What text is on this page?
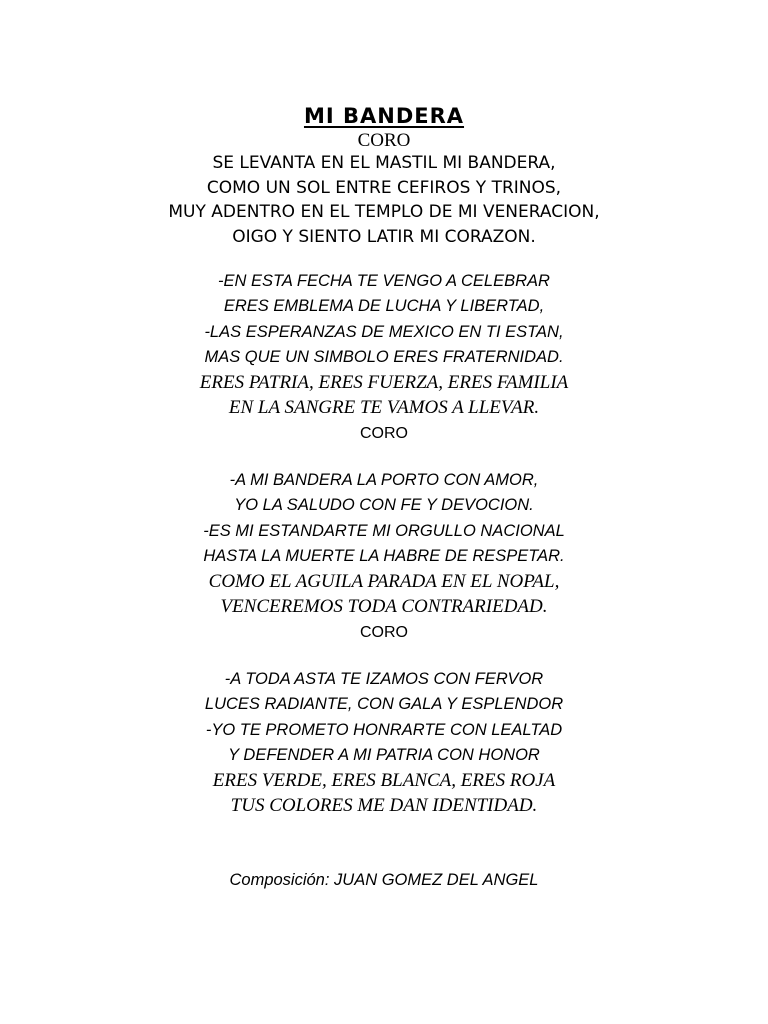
MI BANDERA
CORO
SE LEVANTA EN EL MASTIL MI BANDERA,
COMO UN SOL ENTRE CEFIROS Y TRINOS,
MUY ADENTRO EN EL TEMPLO DE MI VENERACION,
OIGO Y SIENTO LATIR MI CORAZON.
-EN ESTA FECHA TE VENGO A CELEBRAR
ERES EMBLEMA DE LUCHA Y LIBERTAD,
-LAS ESPERANZAS DE MEXICO EN TI ESTAN,
MAS QUE UN SIMBOLO ERES FRATERNIDAD.
ERES PATRIA, ERES FUERZA, ERES FAMILIA
EN LA SANGRE TE VAMOS A LLEVAR.
CORO
-A MI BANDERA LA PORTO CON AMOR,
YO LA SALUDO CON FE Y DEVOCION.
-ES MI ESTANDARTE MI ORGULLO NACIONAL
HASTA LA MUERTE LA HABRE DE RESPETAR.
COMO EL AGUILA PARADA EN EL NOPAL,
VENCEREMOS TODA CONTRARIEDAD.
CORO
-A TODA ASTA TE IZAMOS CON FERVOR
LUCES RADIANTE, CON GALA Y ESPLENDOR
-YO TE PROMETO HONRARTE CON LEALTAD
Y DEFENDER A MI PATRIA CON HONOR
ERES VERDE, ERES BLANCA, ERES ROJA
TUS COLORES ME DAN IDENTIDAD.
Composición: JUAN GOMEZ DEL ANGEL
